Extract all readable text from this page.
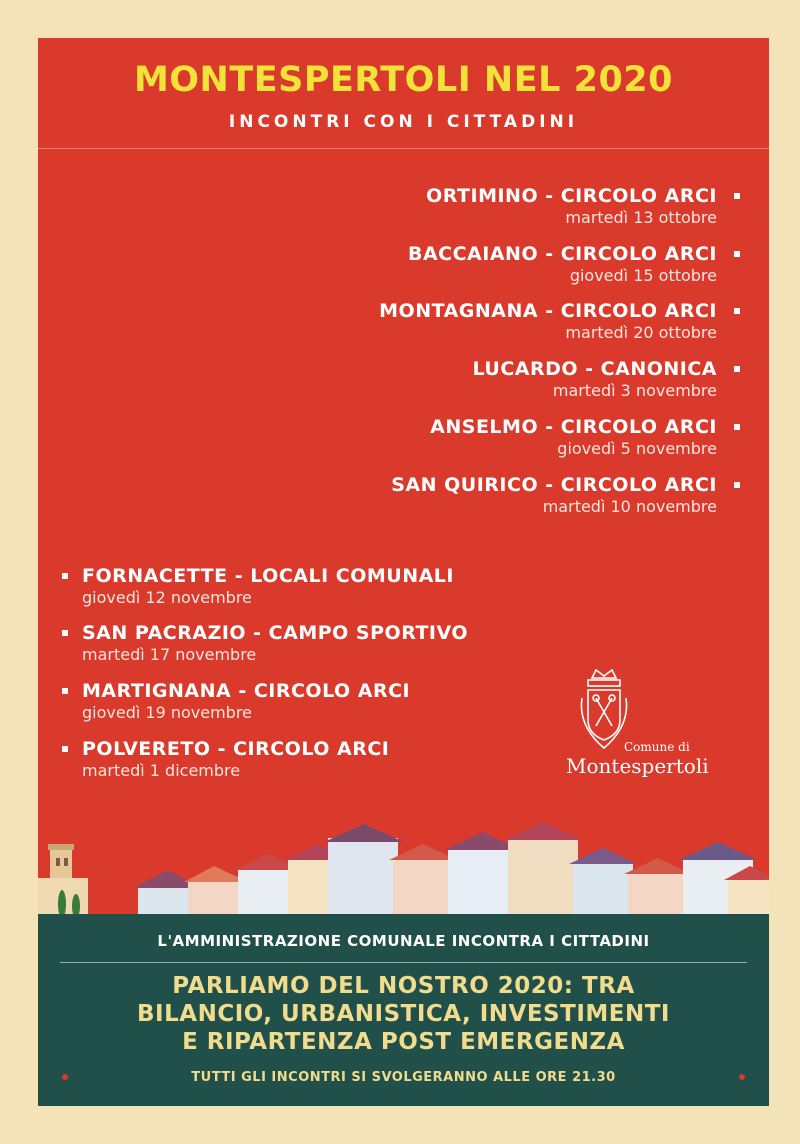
MONTESPERTOLI NEL 2020
INCONTRI CON I CITTADINI
ORTIMINO - CIRCOLO ARCI
martedì 13 ottobre
BACCAIANO - CIRCOLO ARCI
giovedì 15 ottobre
MONTAGNANA - CIRCOLO ARCI
martedì 20 ottobre
LUCARDO - CANONICA
martedì 3 novembre
ANSELMO - CIRCOLO ARCI
giovedì 5 novembre
SAN QUIRICO - CIRCOLO ARCI
martedì 10 novembre
FORNACETTE - LOCALI COMUNALI
giovedì 12 novembre
SAN PACRAZIO - CAMPO SPORTIVO
martedì 17 novembre
MARTIGNANA - CIRCOLO ARCI
giovedì 19 novembre
POLVERETO - CIRCOLO ARCI
martedì 1 dicembre
Comune di
Montespertoli
L'AMMINISTRAZIONE COMUNALE INCONTRA I CITTADINI
PARLIAMO DEL NOSTRO 2020: TRA
BILANCIO, URBANISTICA, INVESTIMENTI
E RIPARTENZA POST EMERGENZA
TUTTI GLI INCONTRI SI SVOLGERANNO ALLE ORE 21.30
